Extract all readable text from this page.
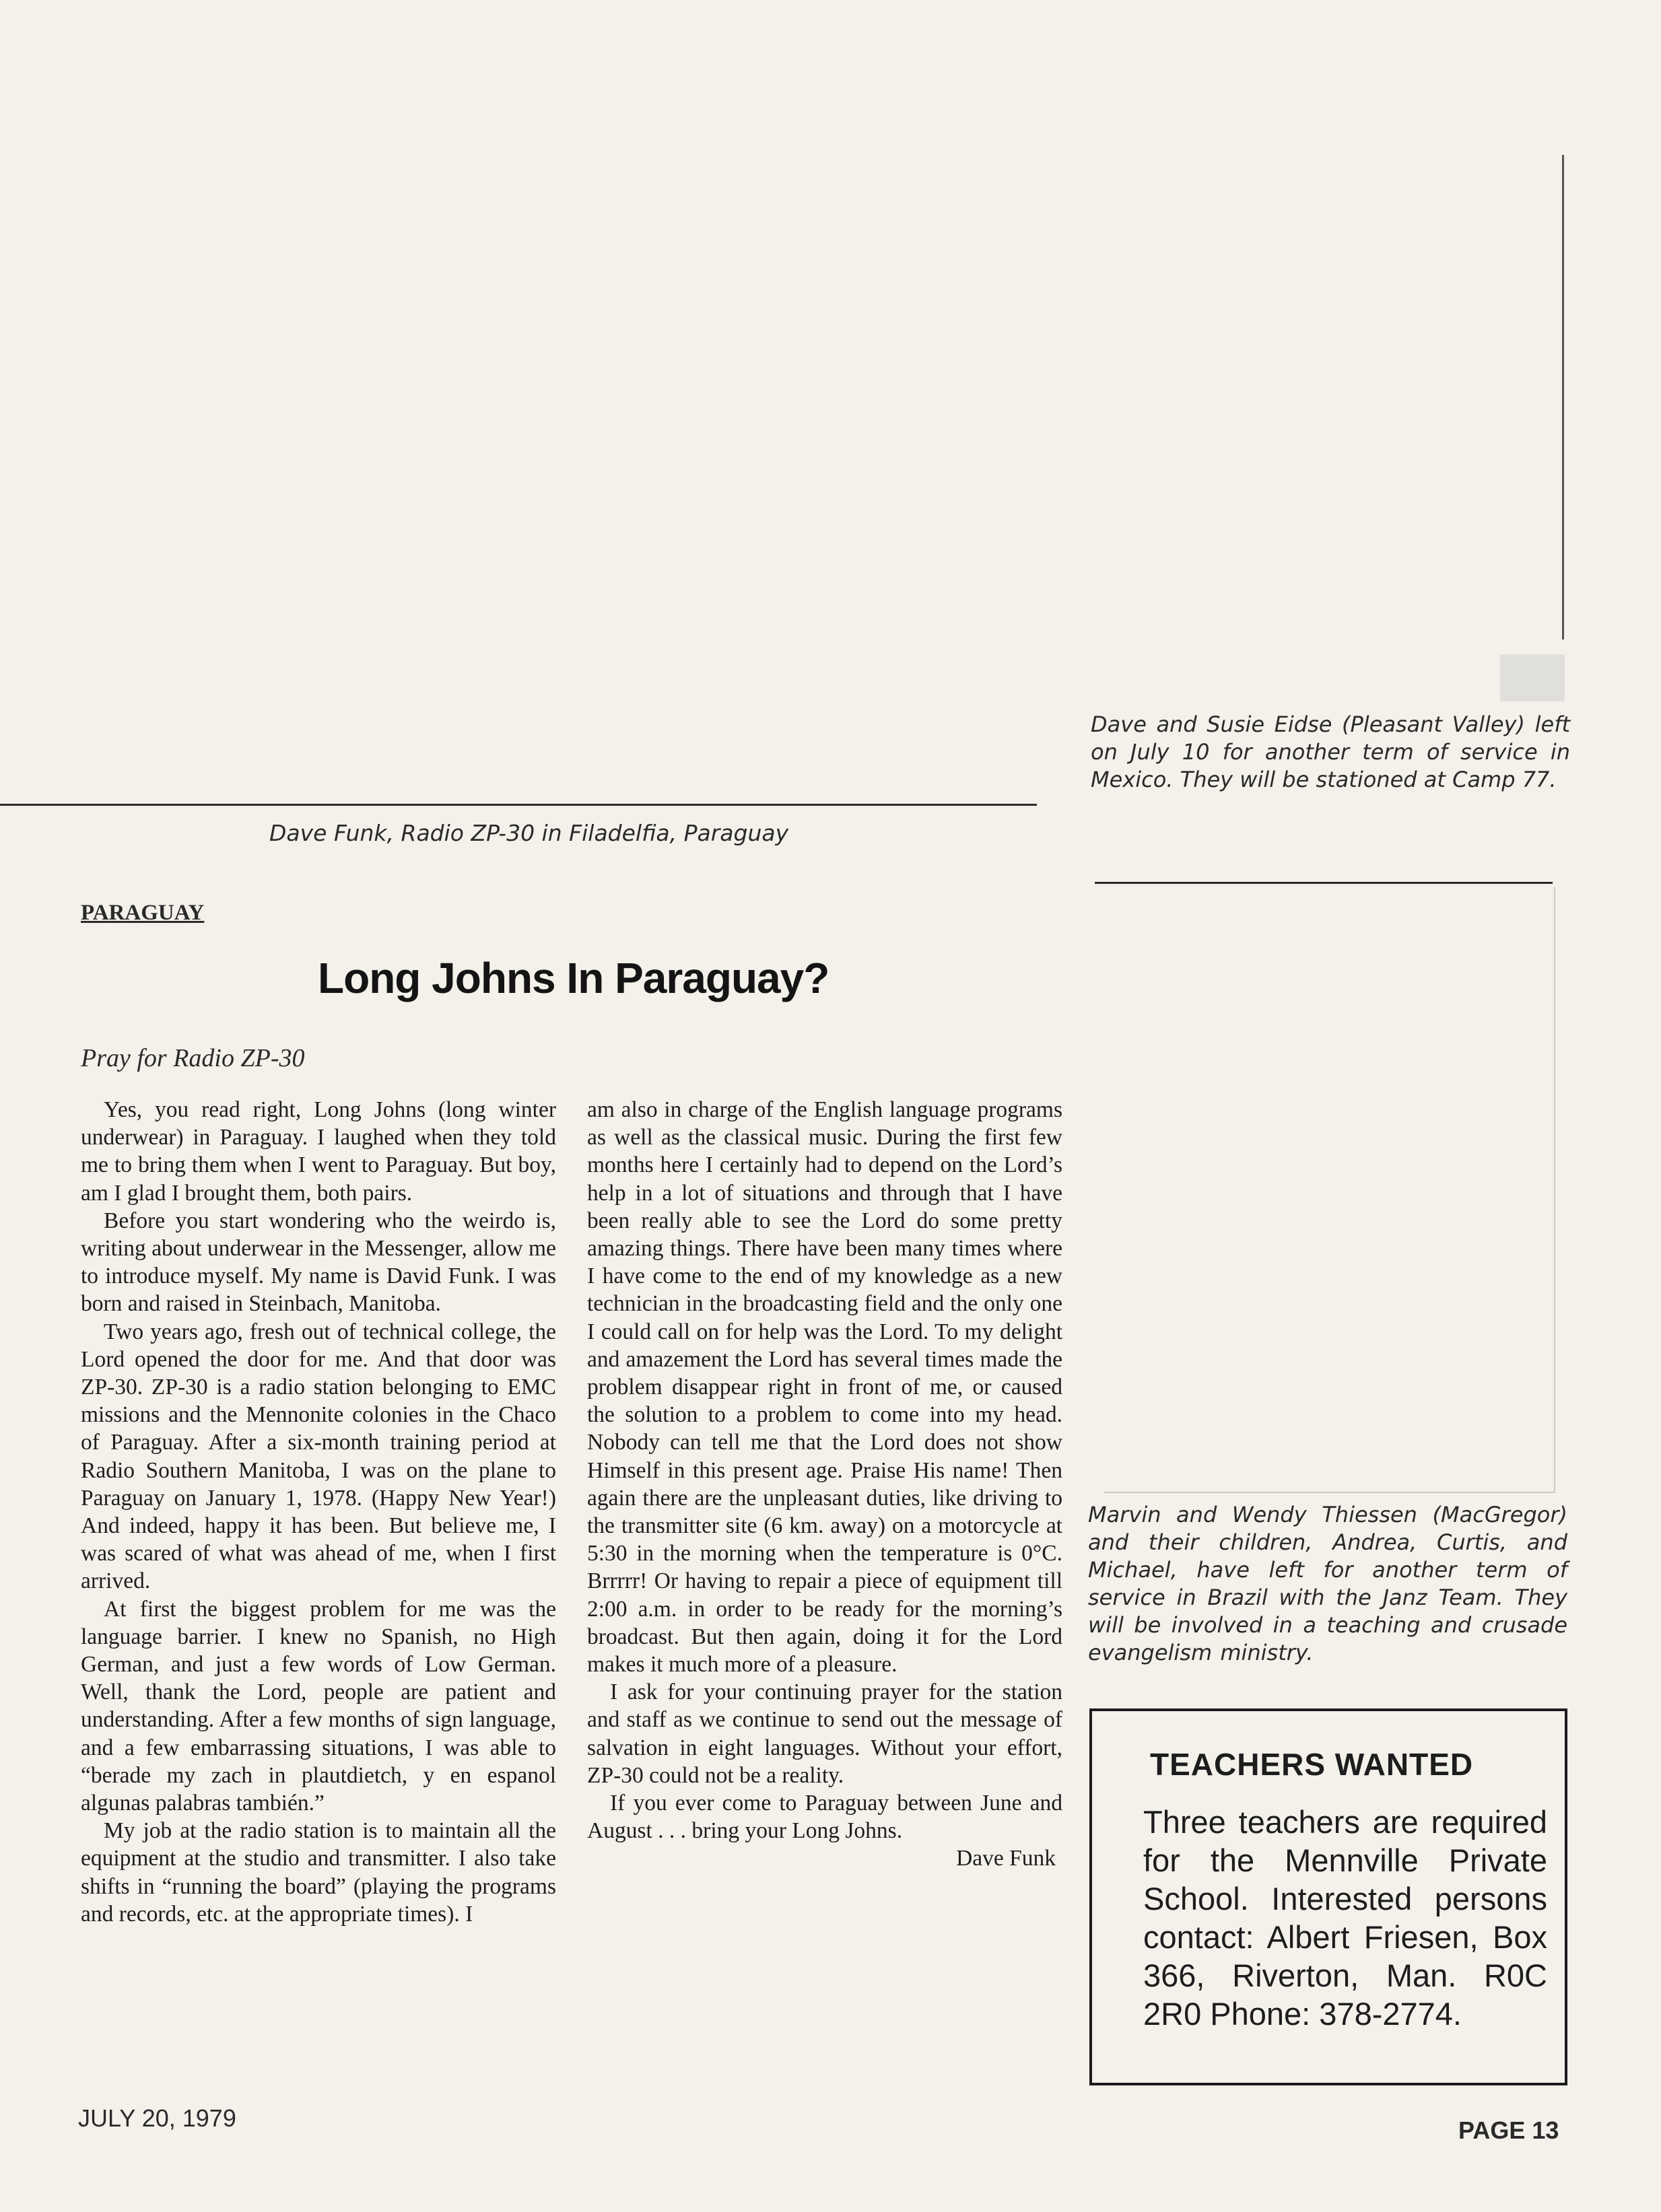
Dave Funk, Radio ZP-30 in Filadelfia, Paraguay
Dave and Susie Eidse (Pleasant Valley) left on July 10 for another term of service in Mexico. They will be stationed at Camp 77.
Marvin and Wendy Thiessen (MacGregor) and their children, Andrea, Curtis, and Michael, have left for another term of service in Brazil with the Janz Team. They will be involved in a teaching and crusade evangelism ministry.
PARAGUAY
Long Johns In Paraguay?
Pray for Radio ZP-30

Yes, you read right, Long Johns (long winter underwear) in Paraguay. I laughed when they told me to bring them when I went to Paraguay. But boy, am I glad I brought them, both pairs.

Before you start wondering who the weirdo is, writing about underwear in the Messenger, allow me to introduce myself. My name is David Funk. I was born and raised in Steinbach, Manitoba.

Two years ago, fresh out of technical college, the Lord opened the door for me. And that door was ZP-30. ZP-30 is a radio station belonging to EMC missions and the Mennonite colonies in the Chaco of Paraguay. After a six-month training period at Radio Southern Manitoba, I was on the plane to Paraguay on January 1, 1978. (Happy New Year!) And indeed, happy it has been. But believe me, I was scared of what was ahead of me, when I first arrived.

At first the biggest problem for me was the language barrier. I knew no Spanish, no High German, and just a few words of Low German. Well, thank the Lord, people are patient and understanding. After a few months of sign language, and a few embarrassing situations, I was able to “berade my zach in plautdietch, y en espanol algunas palabras también.”

My job at the radio station is to maintain all the equipment at the studio and transmitter. I also take shifts in “running the board” (playing the programs and records, etc. at the appropriate times). I

am also in charge of the English language programs as well as the classical music. During the first few months here I certainly had to depend on the Lord’s help in a lot of situations and through that I have been really able to see the Lord do some pretty amazing things. There have been many times where I have come to the end of my knowledge as a new technician in the broadcasting field and the only one I could call on for help was the Lord. To my delight and amazement the Lord has several times made the problem disappear right in front of me, or caused the solution to a problem to come into my head. Nobody can tell me that the Lord does not show Himself in this present age. Praise His name! Then again there are the unpleasant duties, like driving to the transmitter site (6 km. away) on a motorcycle at 5:30 in the morning when the temperature is 0°C. Brrrrr! Or having to repair a piece of equipment till 2:00 a.m. in order to be ready for the morning’s broadcast. But then again, doing it for the Lord makes it much more of a pleasure.

I ask for your continuing prayer for the station and staff as we continue to send out the message of salvation in eight languages. Without your effort, ZP-30 could not be a reality.

If you ever come to Paraguay between June and August . . . bring your Long Johns.

Dave Funk
TEACHERS WANTED
Three teachers are required for the Mennville Private School. Interested persons contact: Albert Friesen, Box 366, Riverton, Man. R0C 2R0 Phone: 378-2774.
JULY 20, 1979	PAGE 13
